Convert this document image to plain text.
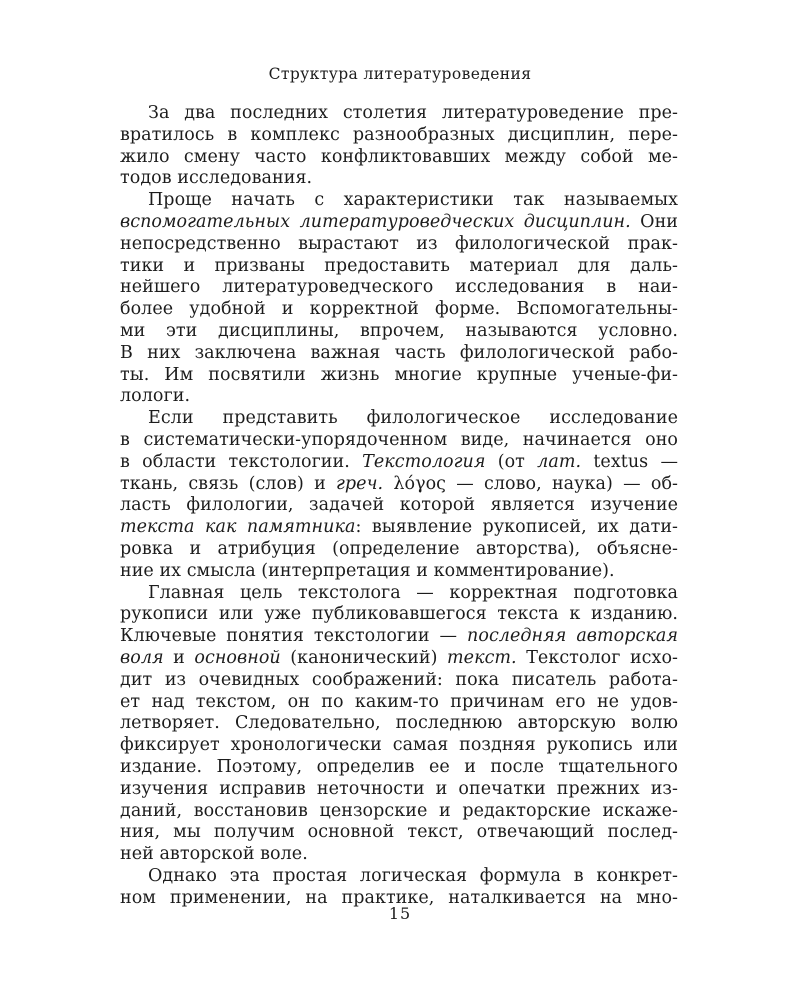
Структура литературоведения
За два последних столетия литературоведение пре-
вратилось в комплекс разнообразных дисциплин, пере-
жило смену часто конфликтовавших между собой ме-
тодов исследования.
Проще начать с характеристики так называемых
вспомогательных литературоведческих дисциплин. Они
непосредственно вырастают из филологической прак-
тики и призваны предоставить материал для даль-
нейшего литературоведческого исследования в наи-
более удобной и корректной форме. Вспомогательны-
ми эти дисциплины, впрочем, называются условно.
В них заключена важная часть филологической рабо-
ты. Им посвятили жизнь многие крупные ученые-фи-
лологи.
Если представить филологическое исследование
в систематически-упорядоченном виде, начинается оно
в области текстологии. Текстология (от лат. textus —
ткань, связь (слов) и греч. λόγος — слово, наука) — об-
ласть филологии, задачей которой является изучение
текста как памятника: выявление рукописей, их дати-
ровка и атрибуция (определение авторства), объясне-
ние их смысла (интерпретация и комментирование).
Главная цель текстолога — корректная подготовка
рукописи или уже публиковавшегося текста к изданию.
Ключевые понятия текстологии — последняя авторская
воля и основной (канонический) текст. Текстолог исхо-
дит из очевидных соображений: пока писатель работа-
ет над текстом, он по каким-то причинам его не удов-
летворяет. Следовательно, последнюю авторскую волю
фиксирует хронологически самая поздняя рукопись или
издание. Поэтому, определив ее и после тщательного
изучения исправив неточности и опечатки прежних из-
даний, восстановив цензорские и редакторские искаже-
ния, мы получим основной текст, отвечающий послед-
ней авторской воле.
Однако эта простая логическая формула в конкрет-
ном применении, на практике, наталкивается на мно-
15
